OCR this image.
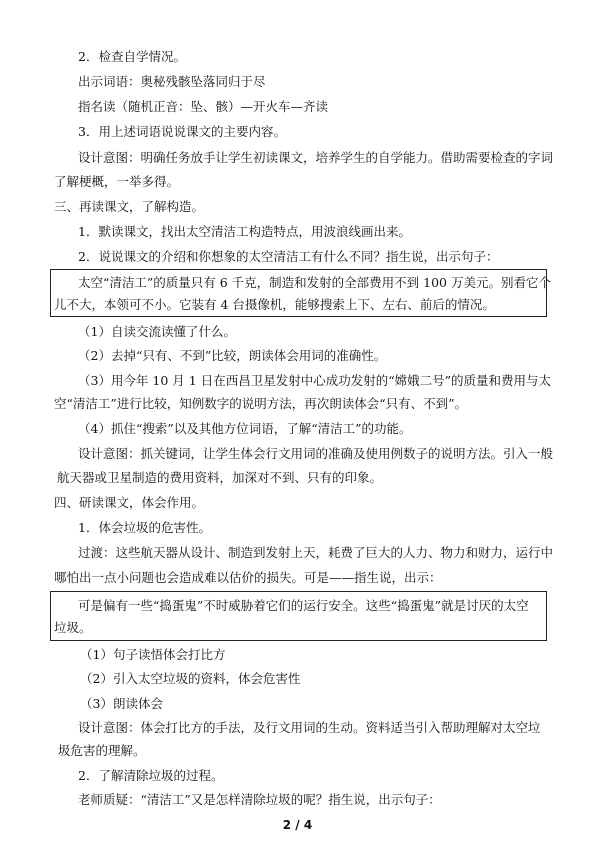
2．检查自学情况。
出示词语：奥秘残骸坠落同归于尽
指名读（随机正音：坠、骸）—开火车—齐读
3．用上述词语说说课文的主要内容。
设计意图：明确任务放手让学生初读课文，培养学生的自学能力。借助需要检查的字词
了解梗概，一举多得。
三、再读课文，了解构造。
1．默读课文，找出太空清洁工构造特点，用波浪线画出来。
2．说说课文的介绍和你想象的太空清洁工有什么不同？指生说，出示句子：
太空“清洁工”的质量只有 6 千克，制造和发射的全部费用不到 100 万美元。别看它个
儿不大，本领可不小。它装有 4 台摄像机，能够搜索上下、左右、前后的情况。
（1）自读交流读懂了什么。
（2）去掉“只有、不到”比较，朗读体会用词的准确性。
（3）用今年 10 月 1 日在西昌卫星发射中心成功发射的“嫦娥二号”的质量和费用与太
空“清洁工”进行比较，知例数字的说明方法，再次朗读体会“只有、不到”。
（4）抓住“搜索”以及其他方位词语，了解“清洁工”的功能。
设计意图：抓关键词，让学生体会行文用词的准确及使用例数子的说明方法。引入一般
航天器或卫星制造的费用资料，加深对不到、只有的印象。
四、研读课文，体会作用。
1．体会垃圾的危害性。
过渡：这些航天器从设计、制造到发射上天，耗费了巨大的人力、物力和财力，运行中
哪怕出一点小问题也会造成难以估价的损失。可是——指生说，出示：
可是偏有一些“捣蛋鬼”不时威胁着它们的运行安全。这些“捣蛋鬼”就是讨厌的太空
垃圾。
（1）句子读悟体会打比方
（2）引入太空垃圾的资料，体会危害性
（3）朗读体会
设计意图：体会打比方的手法，及行文用词的生动。资料适当引入帮助理解对太空垃
圾危害的理解。
2．了解清除垃圾的过程。
老师质疑：“清洁工”又是怎样清除垃圾的呢？指生说，出示句子：
2 / 4
